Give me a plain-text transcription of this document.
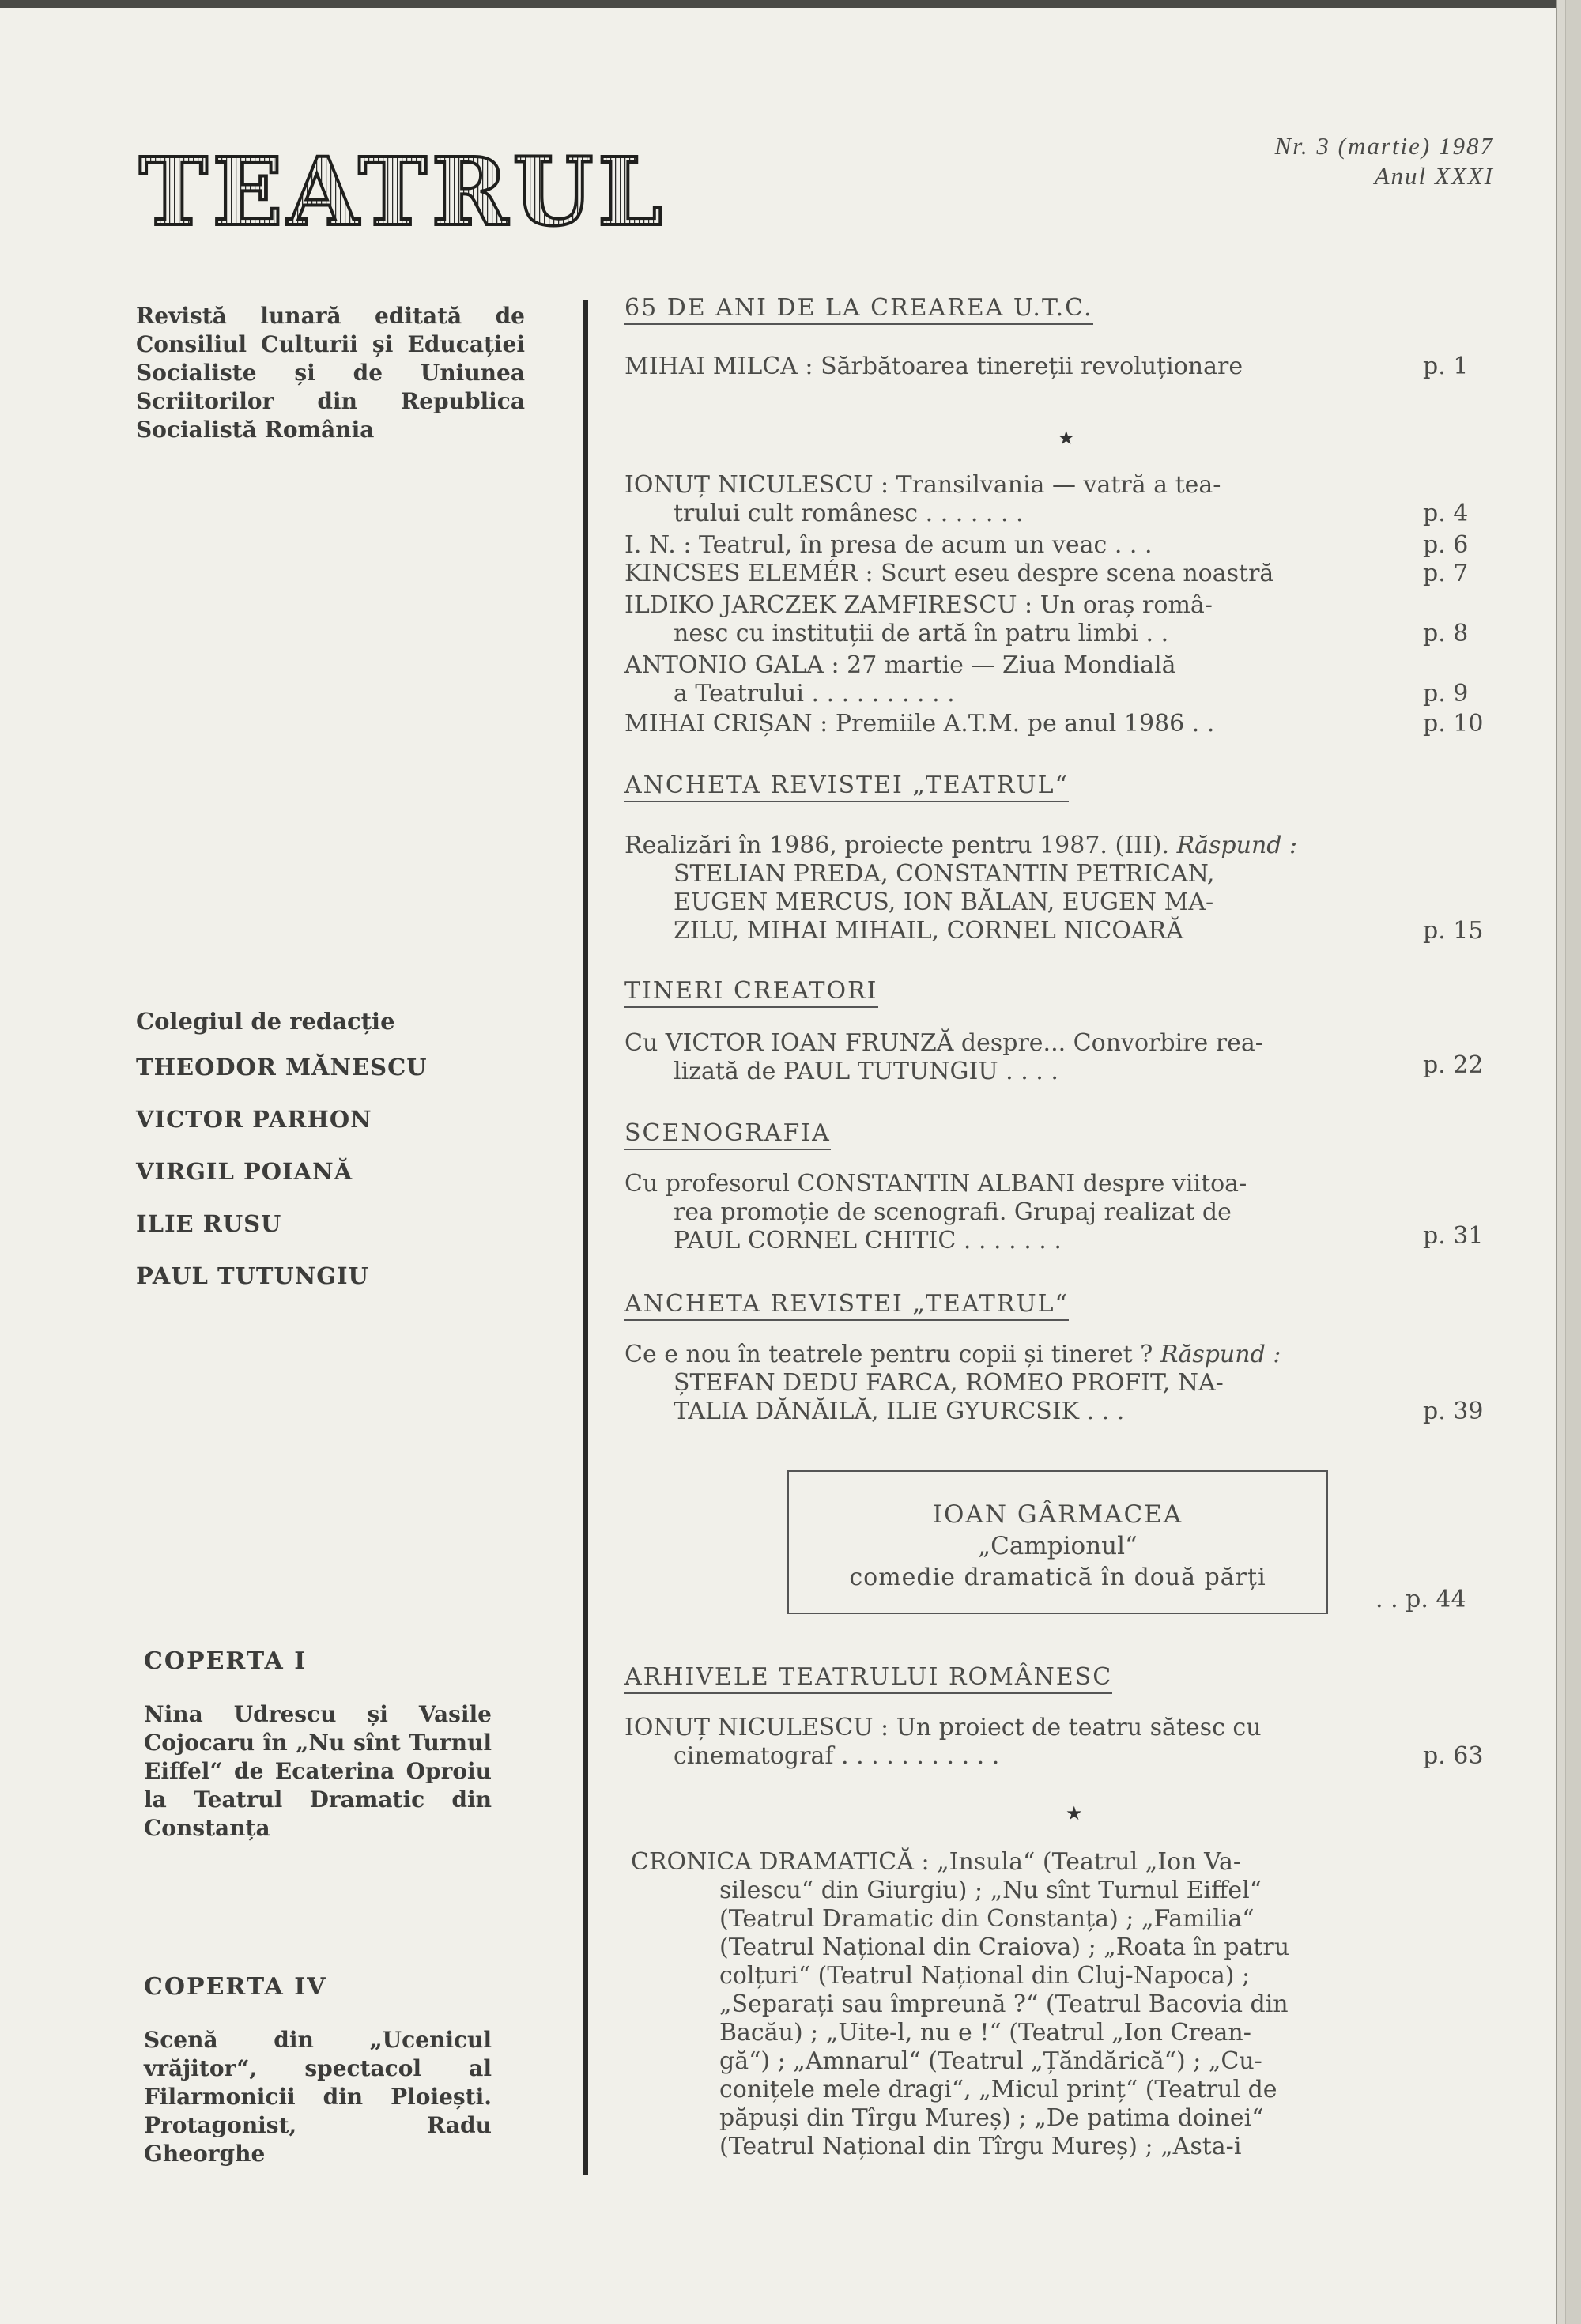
TEATRUL	Nr. 3 (martie) 1987
Anul XXXI

Revistă lunară editată de Consiliul Culturii și Educației Socialiste și de Uniunea Scriitorilor din Republica Socialistă România

Colegiul de redacție
THEODOR MĂNESCU
VICTOR PARHON
VIRGIL POIANĂ
ILIE RUSU
PAUL TUTUNGIU
COPERTA I
Nina Udrescu și Vasile Cojocaru în „Nu sînt Turnul Eiffel“ de Ecaterina Oproiu la Teatrul Dramatic din Constanța
COPERTA IV
Scenă din „Ucenicul vrăjitor“, spectacol al Filarmonicii din Ploiești. Protagonist, Radu Gheorghe
65 DE ANI DE LA CREAREA U.T.C.
MIHAI MILCA : Sărbătoarea tinereții revoluționare	p. 1
★
IONUȚ NICULESCU : Transilvania — vatră a tea-
trului cult românesc . . . . . . .	p. 4
I. N. : Teatrul, în presa de acum un veac . . .	p. 6
KINCSES ELEMÉR : Scurt eseu despre scena noastră	p. 7
ILDIKO JARCZEK ZAMFIRESCU : Un oraș româ-
nesc cu instituții de artă în patru limbi . .	p. 8
ANTONIO GALA : 27 martie — Ziua Mondială
a Teatrului . . . . . . . . . .	p. 9
MIHAI CRIȘAN : Premiile A.T.M. pe anul 1986 . .	p. 10
ANCHETA REVISTEI „TEATRUL“
Realizări în 1986, proiecte pentru 1987. (III). Răspund :
STELIAN PREDA, CONSTANTIN PETRICAN,
EUGEN MERCUS, ION BĂLAN, EUGEN MA-
ZILU, MIHAI MIHAIL, CORNEL NICOARĂ	p. 15
TINERI CREATORI
Cu VICTOR IOAN FRUNZĂ despre... Convorbire rea-
lizată de PAUL TUTUNGIU . . . .	p. 22
SCENOGRAFIA
Cu profesorul CONSTANTIN ALBANI despre viitoa-
rea promoție de scenografi. Grupaj realizat de
PAUL CORNEL CHITIC . . . . . . .	p. 31
ANCHETA REVISTEI „TEATRUL“
Ce e nou în teatrele pentru copii și tineret ? Răspund :
ȘTEFAN DEDU FARCA, ROMEO PROFIT, NA-
TALIA DĂNĂILĂ, ILIE GYURCSIK . . .	p. 39
IOAN GÂRMACEA
„Campionul“
comedie dramatică în două părți
. . p. 44
ARHIVELE TEATRULUI ROMÂNESC
IONUȚ NICULESCU : Un proiect de teatru sătesc cu
cinematograf . . . . . . . . . . .	p. 63
★
CRONICA DRAMATICĂ : „Insula“ (Teatrul „Ion Va-
silescu“ din Giurgiu) ; „Nu sînt Turnul Eiffel“
(Teatrul Dramatic din Constanța) ; „Familia“
(Teatrul Național din Craiova) ; „Roata în patru
colțuri“ (Teatrul Național din Cluj-Napoca) ;
„Separați sau împreună ?“ (Teatrul Bacovia din
Bacău) ; „Uite-l, nu e !“ (Teatrul „Ion Crean-
gă“) ; „Amnarul“ (Teatrul „Țăndărică“) ; „Cu-
conițele mele dragi“, „Micul prinț“ (Teatrul de
păpuși din Tîrgu Mureș) ; „De patima doinei“
(Teatrul Național din Tîrgu Mureș) ; „Asta-i
